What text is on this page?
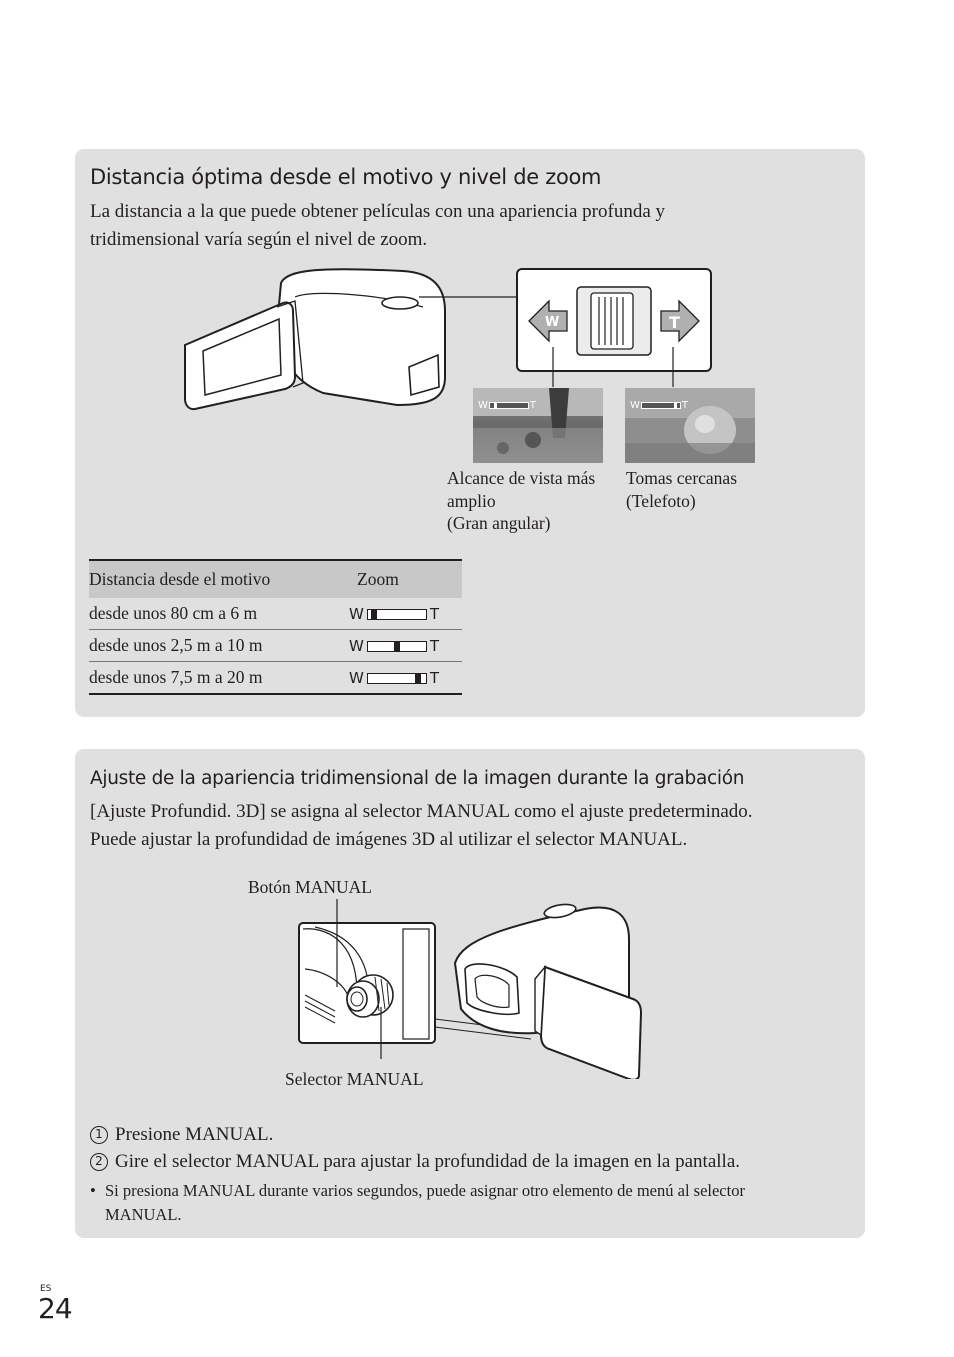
Distancia óptima desde el motivo y nivel de zoom
La distancia a la que puede obtener películas con una apariencia profunda y
tridimensional varía según el nivel de zoom.
W	T
W	T	W	T
Alcance de vista más
amplio
(Gran angular)
Tomas cercanas
(Telefoto)
Distancia desde el motivo	Zoom
desde unos 80 cm a 6 m	W T

desde unos 2,5 m a 10 m	W T

desde unos 7,5 m a 20 m	W T
Ajuste de la apariencia tridimensional de la imagen durante la grabación
[Ajuste Profundid. 3D] se asigna al selector MANUAL como el ajuste predeterminado.
Puede ajustar la profundidad de imágenes 3D al utilizar el selector MANUAL.
Botón MANUAL
Selector MANUAL
1 Presione MANUAL.
2 Gire el selector MANUAL para ajustar la profundidad de la imagen en la pantalla.
• Si presiona MANUAL durante varios segundos, puede asignar otro elemento de menú al selector
MANUAL.
ES
24
